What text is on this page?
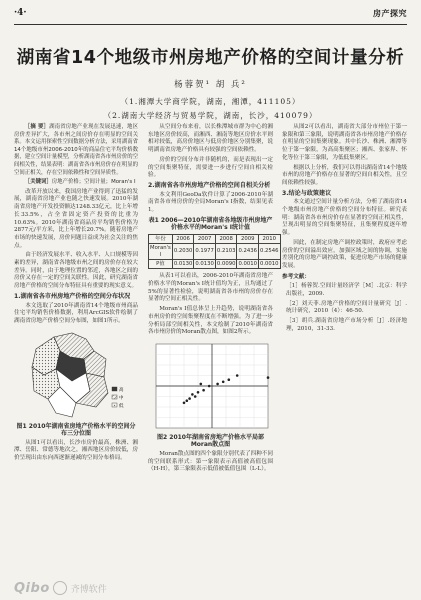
·4·	房产探究
湖南省14个地级市州房地产价格的空间计量分析
杨蓉贺¹ 胡 兵²
（1.湘潭大学商学院，湖南，湘潭，411105）
（2.湖南大学经济与贸易学院，湖南，长沙，410079）

［摘 要］湖南省房地产业现在发展迅速，地区房价差异扩大，各市州之间房价存在明显的空间关系。本文运用探索性空间数据分析方法，采用湖南省14个地级市州2006-2010年的商品住宅平均价格数据，建立空间计量模型，分析湖南省各市州房价的空间相关性，结果表明：湖南省各市州房价存在明显的空间正相关，存在空间依赖性和空间异质性。

［关键词］房地产价格；空间计量；Moran's I

改革开放以来，我国房地产业得到了迅猛的发展，湖南省房地产业也随之快速发展。2010年湖南省房地产开发投资额达1248.33亿元，比上年增长33.5%，占全省固定资产投资的比重为10.63%。2010年湖南省商品房平均销售价格为2877元/平方米，比上年增长20.7%。随着房地产市场的快速发展，房价问题日益成为社会关注的焦点。

由于经济发展水平、收入水平、人口规模等因素的差异，湖南省各地级市州之间的房价存在较大差异。同时，由于地理位置的邻近，各地区之间的房价又存在一定的空间关联性。因此，研究湖南省房地产价格的空间分布特征具有重要的现实意义。

1.湖南省各市州房地产价格的空间分布状况

本文选取了2010年湖南省14个地级市州商品住宅平均销售价格数据，利用ArcGIS软件绘制了湖南省房地产价格空间分布图，如图1所示。

高
中
低

图1 2010年湖南省房地产价格水平的空间分布三分位图

从图1可以看出，长沙市房价最高，株洲、湘潭、岳阳、常德等地次之，湘西地区房价较低，房价呈现出由东向西逐渐递减的空间分布格局。

从空间分布来看，以长株潭城市群为中心的湘东地区房价较高，而湘西、湘南等地区房价水平则相对较低，高房价地区与低房价地区分别集聚，说明湖南省房地产价格具有较强的空间依赖性。

房价的空间分布并非随机的，而是表现出一定的空间集聚特征，需要进一步进行空间自相关检验。

2.湖南省各市州房地产价格的空间自相关分析

本文利用GeoDa软件计算了2006-2010年湖南省各市州房价的全局Moran's I指数，结果见表1。

表1 2006—2010年湖南省各地级市州房地产价格水平的Moran's I统计值

年份	2006	2007	2008	2009	2010
Moran's I	0.2030	0.1977	0.2103	0.2436	0.2546
P值	0.0130	0.0130	0.0090	0.0010	0.0010

从表1可以看出，2006-2010年湖南省房地产价格水平的Moran's I统计值均为正，且均通过了5%的显著性检验，说明湖南省各市州的房价存在显著的空间正相关性。

Moran's I值总体呈上升趋势，说明湖南省各市州房价的空间集聚程度在不断增强。为了进一步分析局部空间相关性，本文绘制了2010年湖南省各市州房价的Moran散点图，如图2所示。

图2 2010年湖南省房地产价格水平局部Moran散点图

Moran散点图的四个象限分别代表了四种不同的空间联系形式：第一象限表示高值被高值包围（H-H），第三象限表示低值被低值包围（L-L）。

从图2可以看出，湖南省大部分市州位于第一象限和第三象限，说明湖南省各市州房地产价格存在明显的空间集聚现象。其中长沙、株洲、湘潭等位于第一象限，为高高集聚区；湘西、张家界、怀化等位于第三象限，为低低集聚区。

根据以上分析，我们可以得出湖南省14个地级市州的房地产价格存在显著的空间自相关性，且空间依赖性较强。

3.结论与政策建议

本文通过空间计量分析方法，分析了湖南省14个地级市州房地产价格的空间分布特征。研究表明：湖南省各市州房价存在显著的空间正相关性，呈现出明显的空间集聚特征，且集聚程度逐年增强。

因此，在制定房地产调控政策时，政府应考虑房价的空间溢出效应，加强区域之间的协调，实施差别化的房地产调控政策，促进房地产市场的健康发展。

参考文献：

［1］杨蓉贺.空间计量经济学［M］.北京：科学出版社，2009.

［2］刘天菲.房地产价格的空间计量研究［J］.统计研究，2010（4）：46-50.

［3］胡兵.湖南省房地产市场分析［J］.经济地理，2010，31-33.

Qibo 齐博软件
